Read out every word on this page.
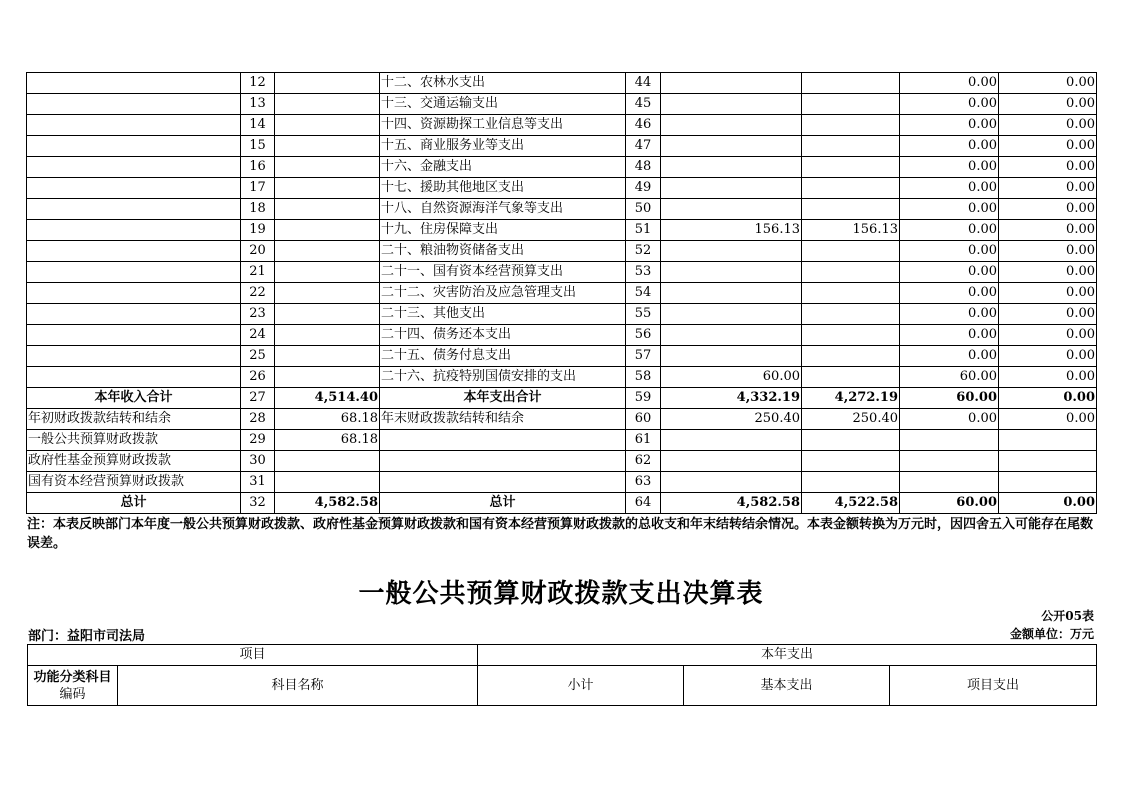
	12		十二、农林水支出	44			0.00	0.00
	13		十三、交通运输支出	45			0.00	0.00
	14		十四、资源勘探工业信息等支出	46			0.00	0.00
	15		十五、商业服务业等支出	47			0.00	0.00
	16		十六、金融支出	48			0.00	0.00
	17		十七、援助其他地区支出	49			0.00	0.00
	18		十八、自然资源海洋气象等支出	50			0.00	0.00
	19		十九、住房保障支出	51	156.13	156.13	0.00	0.00
	20		二十、粮油物资储备支出	52			0.00	0.00
	21		二十一、国有资本经营预算支出	53			0.00	0.00
	22		二十二、灾害防治及应急管理支出	54			0.00	0.00
	23		二十三、其他支出	55			0.00	0.00
	24		二十四、债务还本支出	56			0.00	0.00
	25		二十五、债务付息支出	57			0.00	0.00
	26		二十六、抗疫特别国债安排的支出	58	60.00		60.00	0.00
本年收入合计	27	4,514.40	本年支出合计	59	4,332.19	4,272.19	60.00	0.00
年初财政拨款结转和结余	28	68.18	年末财政拨款结转和结余	60	250.40	250.40	0.00	0.00
一般公共预算财政拨款	29	68.18		61				
政府性基金预算财政拨款	30			62				
国有资本经营预算财政拨款	31			63				
总计	32	4,582.58	总计	64	4,582.58	4,522.58	60.00	0.00
注：本表反映部门本年度一般公共预算财政拨款、政府性基金预算财政拨款和国有资本经营预算财政拨款的总收支和年末结转结余情况。本表金额转换为万元时，因四舍五入可能存在尾数误差。
一般公共预算财政拨款支出决算表
公开05表
部门：益阳市司法局	金额单位：万元
项目		本年支出		
功能分类科目
编码	科目名称	小计	基本支出	项目支出
